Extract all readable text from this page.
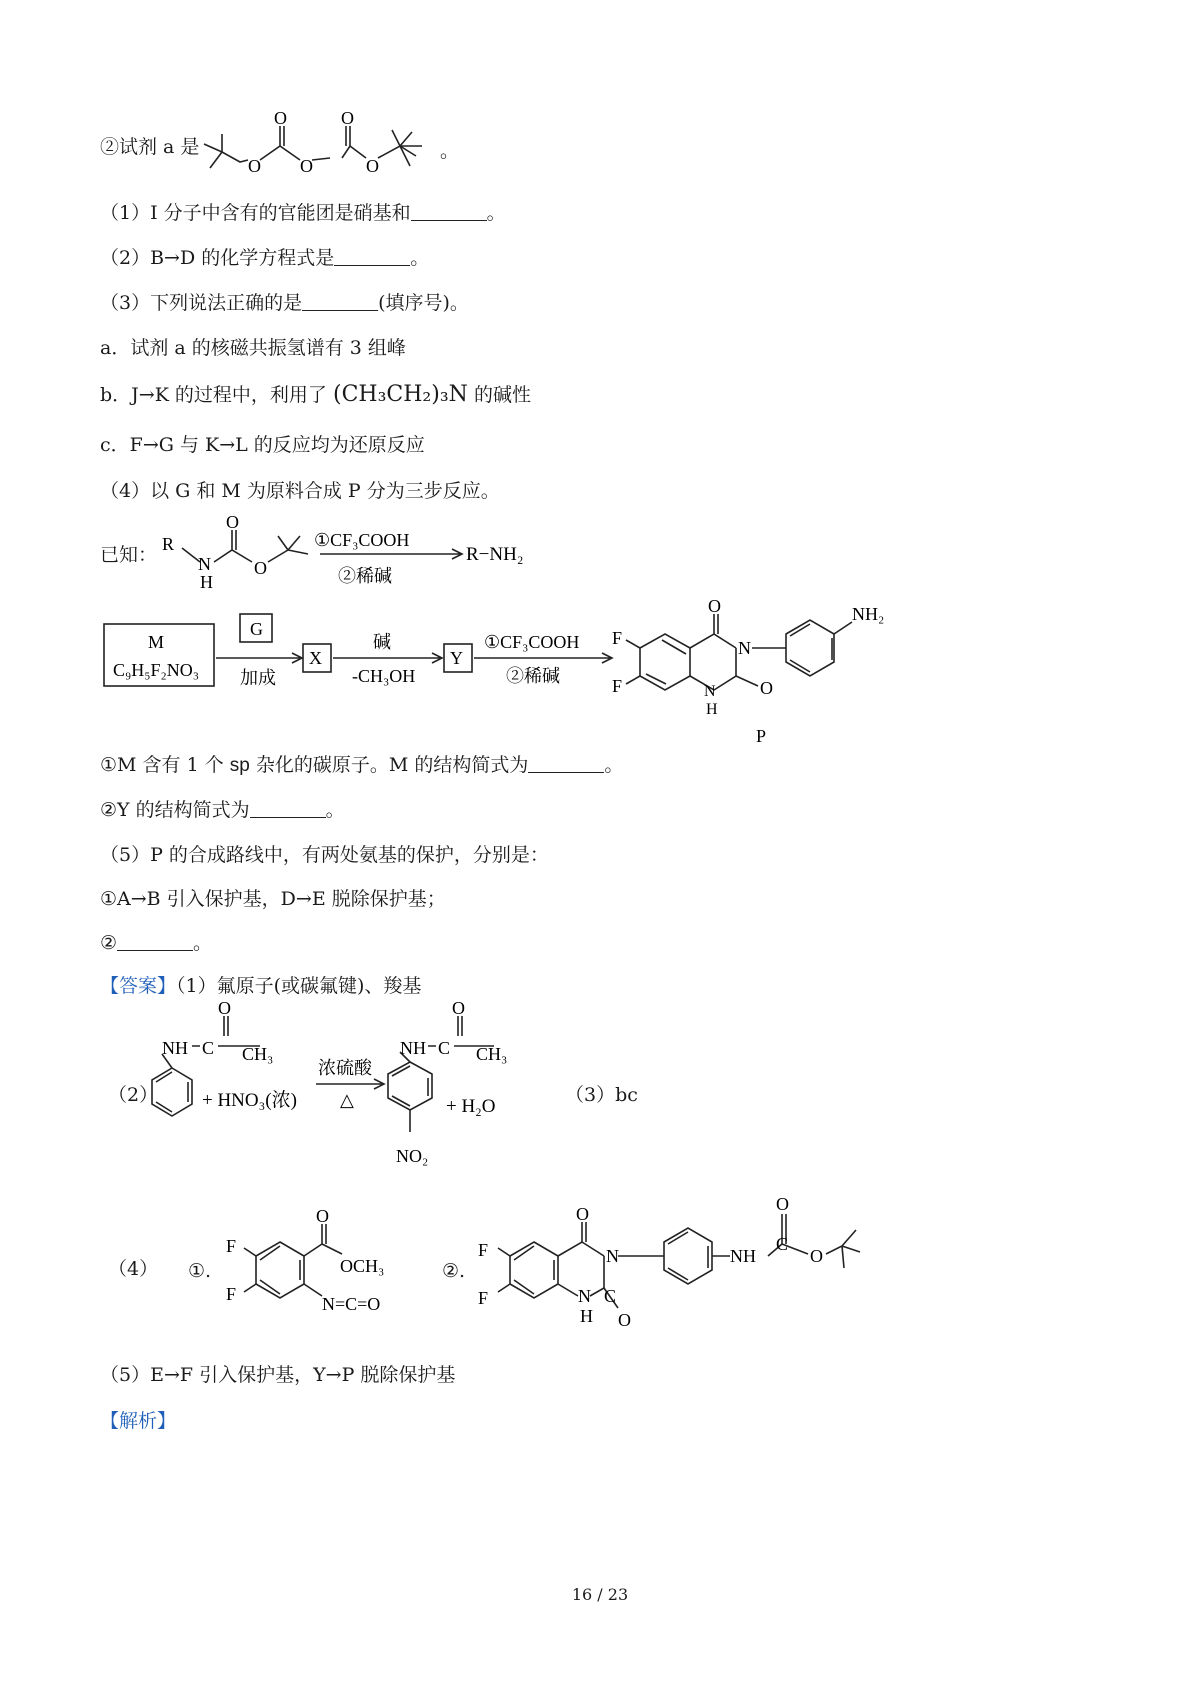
②试剂 a 是
O
O
O
O
O
。
（1）I 分子中含有的官能团是硝基和	。
（2）B→D 的化学方程式是	。
（3）下列说法正确的是	(填序号)。
a．试剂 a 的核磁共振氢谱有 3 组峰
b．J→K 的过程中，利用了 (CH₃CH₂)₃N 的碱性
c．F→G 与 K→L 的反应均为还原反应
（4）以 G 和 M 为原料合成 P 分为三步反应。
已知： R
N
H
O
O
①CF₃COOH
②稀碱
R−NH₂
M
C₉H₅F₂NO₃
G
加成
X
碱
-CH₃OH
Y
①CF₃COOH
②稀碱
F
F
O
N
O
N
H
NH₂
P
①M 含有 1 个 sp 杂化的碳原子。M 的结构简式为	。
②Y 的结构简式为	。
（5）P 的合成路线中，有两处氨基的保护，分别是：
①A→B 引入保护基，D→E 脱除保护基；
②	。
【答案】（1）氟原子(或碳氟键)、羧基
（2）
NH C
O
CH₃
+ HNO₃(浓)
浓硫酸
△
NH C
O
CH₃
NO₂
+ H₂O
（3）bc
（4） ①.
F
F
O
OCH₃
N=C=O
②.
F
F
O
N
N
H
C
O
NH
O
C
O
（5）E→F 引入保护基，Y→P 脱除保护基
【解析】
16 / 23
